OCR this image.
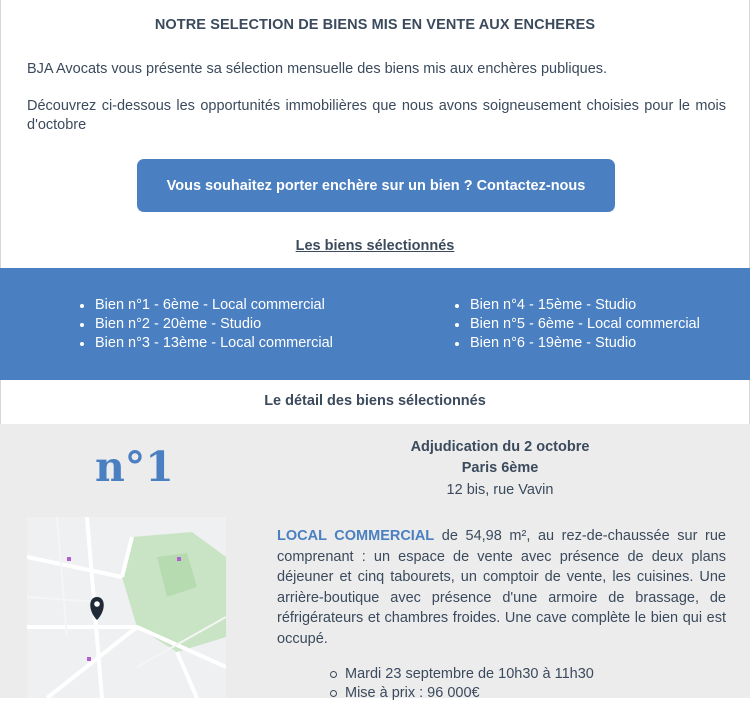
NOTRE SELECTION DE BIENS MIS EN VENTE AUX ENCHERES
BJA Avocats vous présente sa sélection mensuelle des biens mis aux enchères publiques.
Découvrez ci-dessous les opportunités immobilières que nous avons soigneusement choisies pour le mois d'octobre
Vous souhaitez porter enchère sur un bien ? Contactez-nous
Les biens sélectionnés
Bien n°1 - 6ème - Local commercial
Bien n°2 - 20ème - Studio
Bien n°3 - 13ème - Local commercial
Bien n°4 - 15ème - Studio
Bien n°5 - 6ème - Local commercial
Bien n°6 - 19ème - Studio
Le détail des biens sélectionnés
n°1	Adjudication du 2 octobre
Paris 6ème
12 bis, rue Vavin
LOCAL COMMERCIAL de 54,98 m², au rez-de-chaussée sur rue comprenant : un espace de vente avec présence de deux plans déjeuner et cinq tabourets, un comptoir de vente, les cuisines. Une arrière-boutique avec présence d'une armoire de brassage, de réfrigérateurs et chambres froides. Une cave complète le bien qui est occupé.
Mardi 23 septembre de 10h30 à 11h30
Mise à prix : 96 000€
